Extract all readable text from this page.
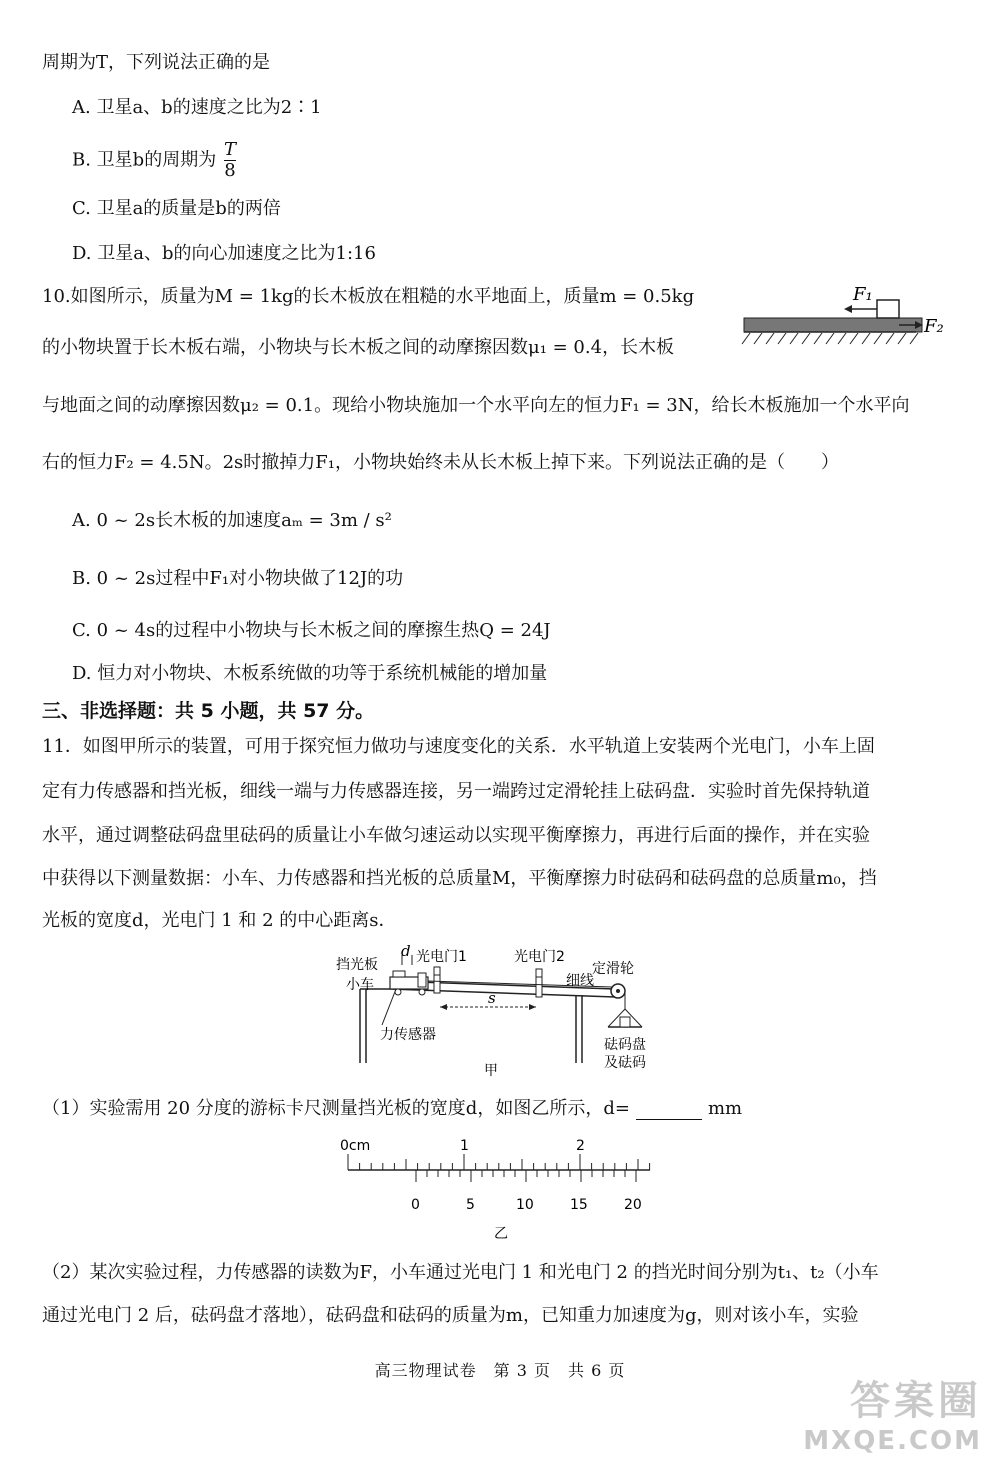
周期为T，下列说法正确的是
A. 卫星a、b的速度之比为2∶1
B. 卫星b的周期为 $\frac{T}{8}$
C. 卫星a的质量是b的两倍
D. 卫星a、b的向心加速度之比为1:16
10.如图所示，质量为M = 1kg的长木板放在粗糙的水平地面上，质量m = 0.5kg
的小物块置于长木板右端，小物块与长木板之间的动摩擦因数μ₁ = 0.4，长木板
与地面之间的动摩擦因数μ₂ = 0.1。现给小物块施加一个水平向左的恒力F₁ = 3N，给长木板施加一个水平向
右的恒力F₂ = 4.5N。2s时撤掉力F₁，小物块始终未从长木板上掉下来。下列说法正确的是（　　）
F₁
F₂
A. 0 ~ 2s长木板的加速度aₘ = 3m / s²
B. 0 ~ 2s过程中F₁对小物块做了12J的功
C. 0 ~ 4s的过程中小物块与长木板之间的摩擦生热Q = 24J
D. 恒力对小物块、木板系统做的功等于系统机械能的增加量
三、非选择题：共 5 小题，共 57 分。
11．如图甲所示的装置，可用于探究恒力做功与速度变化的关系．水平轨道上安装两个光电门，小车上固
定有力传感器和挡光板，细线一端与力传感器连接，另一端跨过定滑轮挂上砝码盘．实验时首先保持轨道
水平，通过调整砝码盘里砝码的质量让小车做匀速运动以实现平衡摩擦力，再进行后面的操作，并在实验
中获得以下测量数据：小车、力传感器和挡光板的总质量M，平衡摩擦力时砝码和砝码盘的总质量m₀，挡
光板的宽度d，光电门 1 和 2 的中心距离s．
挡光板
小车
d 光电门1	光电门2
定滑轮
细线
s
力传感器
砝码盘
及砝码
甲
（1）实验需用 20 分度的游标卡尺测量挡光板的宽度d，如图乙所示，d=	mm
0cm	1	2
0	5	10	15	20
乙
（2）某次实验过程，力传感器的读数为F，小车通过光电门 1 和光电门 2 的挡光时间分别为t₁、t₂（小车
通过光电门 2 后，砝码盘才落地），砝码盘和砝码的质量为m，已知重力加速度为g，则对该小车，实验
高三物理试卷　第 3 页　共 6 页
答案圈
MXQE.COM
